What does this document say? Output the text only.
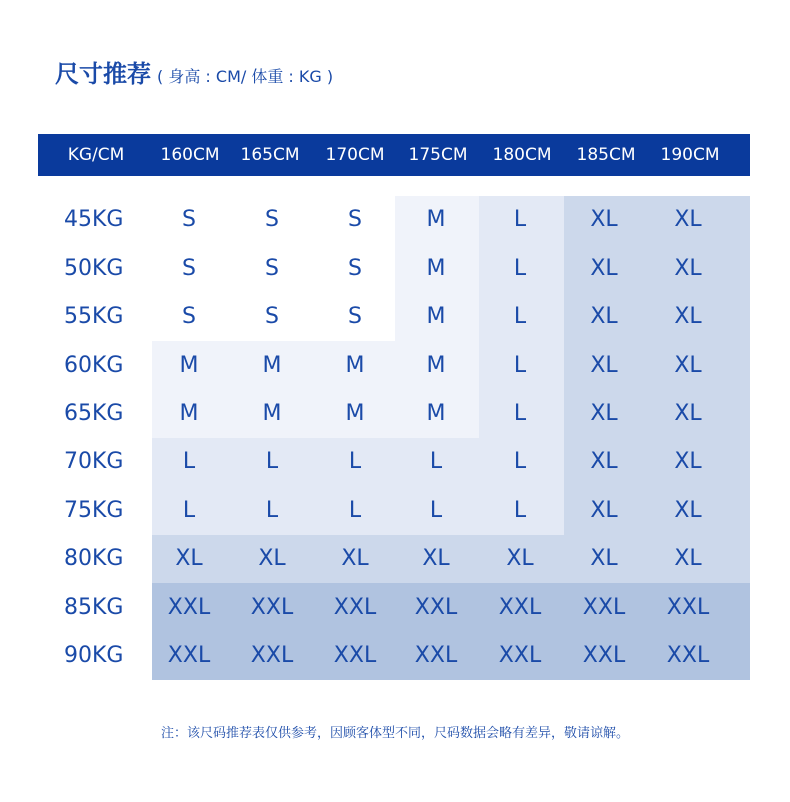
尺寸推荐 ( 身高 : CM/ 体重 : KG )
KG/CM	160CM	165CM	170CM	175CM	180CM	185CM	190CM
45KG	S	S	S	M	L	XL	XL
50KG	S	S	S	M	L	XL	XL
55KG	S	S	S	M	L	XL	XL
60KG	M	M	M	M	L	XL	XL
65KG	M	M	M	M	L	XL	XL
70KG	L	L	L	L	L	XL	XL
75KG	L	L	L	L	L	XL	XL
80KG	XL	XL	XL	XL	XL	XL	XL
85KG	XXL	XXL	XXL	XXL	XXL	XXL	XXL
90KG	XXL	XXL	XXL	XXL	XXL	XXL	XXL
注：该尺码推荐表仅供参考，因顾客体型不同，尺码数据会略有差异，敬请谅解。
